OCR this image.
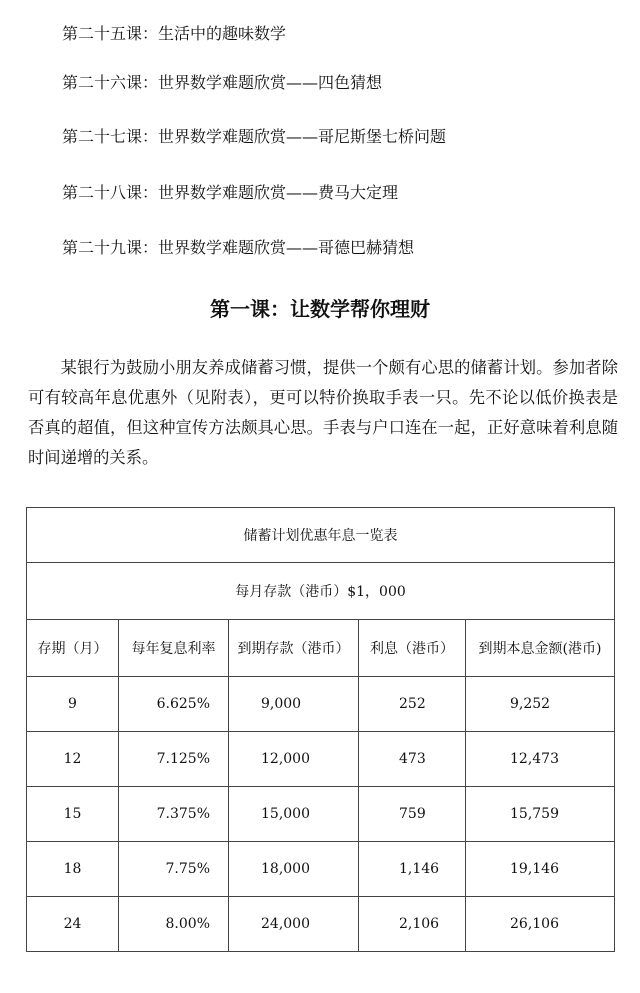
第二十五课：生活中的趣味数学
第二十六课：世界数学难题欣赏——四色猜想
第二十七课：世界数学难题欣赏——哥尼斯堡七桥问题
第二十八课：世界数学难题欣赏——费马大定理
第二十九课：世界数学难题欣赏——哥德巴赫猜想
第一课：让数学帮你理财

某银行为鼓励小朋友养成储蓄习惯，提供一个颇有心思的储蓄计划。参加者除可有较高年息优惠外（见附表），更可以特价换取手表一只。先不论以低价换表是否真的超值，但这种宣传方法颇具心思。手表与户口连在一起，正好意味着利息随时间递增的关系。

储蓄计划优惠年息一览表				
每月存款（港币）$1，000				
存期（月）	每年复息利率	到期存款（港币）	利息（港币）	到期本息金额(港币)
9	6.625%	9,000	252	9,252
12	7.125%	12,000	473	12,473
15	7.375%	15,000	759	15,759
18	7.75%	18,000	1,146	19,146
24	8.00%	24,000	2,106	26,106
